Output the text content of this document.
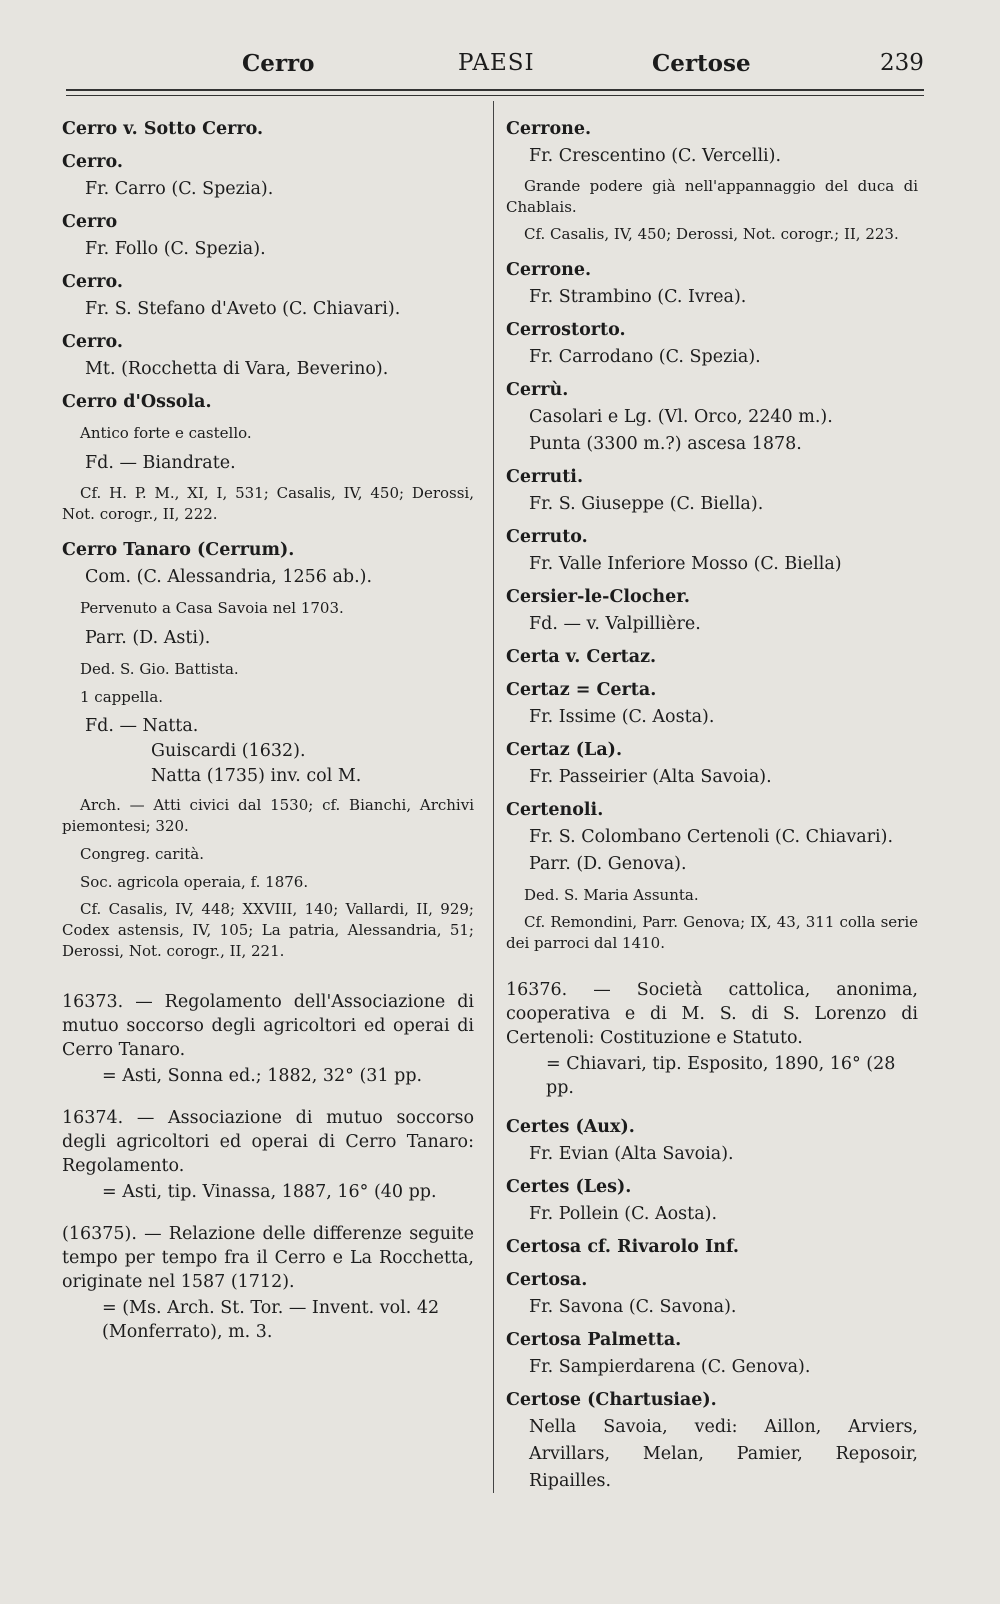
Cerro	PAESI	Certose	239

Cerro v. Sotto Cerro.

Cerro.

Fr. Carro (C. Spezia).

Cerro

Fr. Follo (C. Spezia).

Cerro.

Fr. S. Stefano d'Aveto (C. Chiavari).

Cerro.

Mt. (Rocchetta di Vara, Beverino).

Cerro d'Ossola.

Antico forte e castello.

Fd. — Biandrate.

Cf. H. P. M., XI, I, 531; Casalis, IV, 450; Derossi, Not. corogr., II, 222.

Cerro Tanaro (Cerrum).

Com. (C. Alessandria, 1256 ab.).

Pervenuto a Casa Savoia nel 1703.

Parr. (D. Asti).

Ded. S. Gio. Battista.

1 cappella.

Fd. — Natta.
Guiscardi (1632).
Natta (1735) inv. col M.

Arch. — Atti civici dal 1530; cf. Bianchi, Archivi piemontesi; 320.

Congreg. carità.

Soc. agricola operaia, f. 1876.

Cf. Casalis, IV, 448; XXVIII, 140; Vallardi, II, 929; Codex astensis, IV, 105; La patria, Alessandria, 51; Derossi, Not. corogr., II, 221.

16373. — Regolamento dell'Associazione di mutuo soccorso degli agricoltori ed operai di Cerro Tanaro.

= Asti, Sonna ed.; 1882, 32° (31 pp.

16374. — Associazione di mutuo soccorso degli agricoltori ed operai di Cerro Tanaro: Regolamento.

= Asti, tip. Vinassa, 1887, 16° (40 pp.

(16375). — Relazione delle differenze seguite tempo per tempo fra il Cerro e La Rocchetta, originate nel 1587 (1712).

= (Ms. Arch. St. Tor. — Invent. vol. 42 (Monferrato), m. 3.

Cerrone.

Fr. Crescentino (C. Vercelli).

Grande podere già nell'appannaggio del duca di Chablais.

Cf. Casalis, IV, 450; Derossi, Not. corogr.; II, 223.

Cerrone.

Fr. Strambino (C. Ivrea).

Cerrostorto.

Fr. Carrodano (C. Spezia).

Cerrù.

Casolari e Lg. (Vl. Orco, 2240 m.).

Punta (3300 m.?) ascesa 1878.

Cerruti.

Fr. S. Giuseppe (C. Biella).

Cerruto.

Fr. Valle Inferiore Mosso (C. Biella)

Cersier-le-Clocher.

Fd. — v. Valpillière.

Certa v. Certaz.

Certaz = Certa.

Fr. Issime (C. Aosta).

Certaz (La).

Fr. Passeirier (Alta Savoia).

Certenoli.

Fr. S. Colombano Certenoli (C. Chiavari).

Parr. (D. Genova).

Ded. S. Maria Assunta.

Cf. Remondini, Parr. Genova; IX, 43, 311 colla serie dei parroci dal 1410.

16376. — Società cattolica, anonima, cooperativa e di M. S. di S. Lorenzo di Certenoli: Costituzione e Statuto.

= Chiavari, tip. Esposito, 1890, 16° (28 pp.

Certes (Aux).

Fr. Evian (Alta Savoia).

Certes (Les).

Fr. Pollein (C. Aosta).

Certosa cf. Rivarolo Inf.

Certosa.

Fr. Savona (C. Savona).

Certosa Palmetta.

Fr. Sampierdarena (C. Genova).

Certose (Chartusiae).

Nella Savoia, vedi: Aillon, Arviers, Arvillars, Melan, Pamier, Reposoir, Ripailles.
